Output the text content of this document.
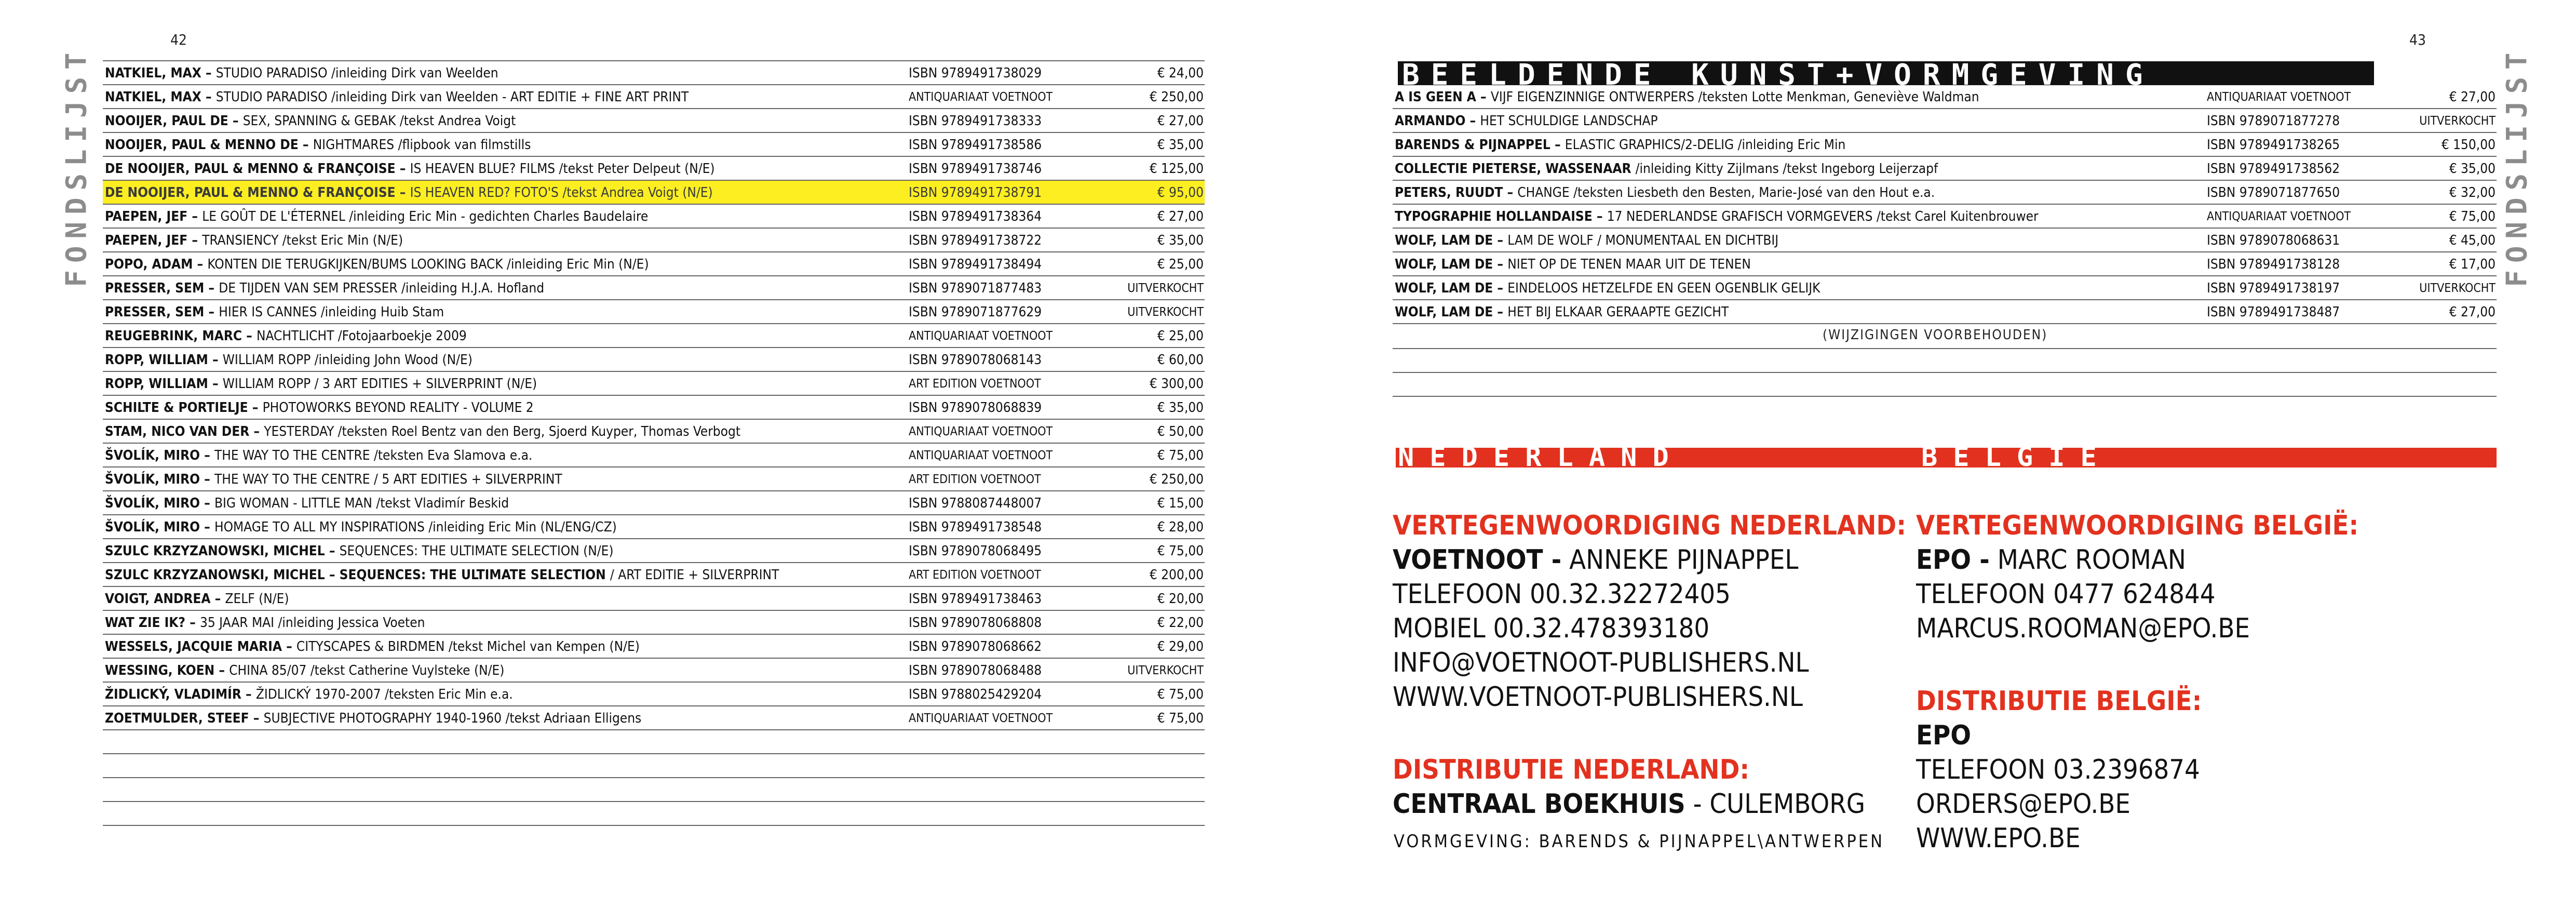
42
FONDSLIJST NATKIEL, MAX – STUDIO PARADISO /inleiding Dirk van Weelden	ISBN 9789491738029	€ 24,00
NATKIEL, MAX – STUDIO PARADISO /inleiding Dirk van Weelden - ART EDITIE + FINE ART PRINT	ANTIQUARIAAT VOETNOOT	€ 250,00
NOOIJER, PAUL DE – SEX, SPANNING & GEBAK /tekst Andrea Voigt	ISBN 9789491738333	€ 27,00
NOOIJER, PAUL & MENNO DE – NIGHTMARES /flipbook van filmstills	ISBN 9789491738586	€ 35,00
DE NOOIJER, PAUL & MENNO & FRANÇOISE – IS HEAVEN BLUE? FILMS /tekst Peter Delpeut (N/E)	ISBN 9789491738746	€ 125,00
DE NOOIJER, PAUL & MENNO & FRANÇOISE – IS HEAVEN RED? FOTO'S /tekst Andrea Voigt (N/E)	ISBN 9789491738791	€ 95,00
PAEPEN, JEF – LE GOÛT DE L'ÉTERNEL /inleiding Eric Min - gedichten Charles Baudelaire	ISBN 9789491738364	€ 27,00
PAEPEN, JEF – TRANSIENCY /tekst Eric Min (N/E)	ISBN 9789491738722	€ 35,00
POPO, ADAM – KONTEN DIE TERUGKIJKEN/BUMS LOOKING BACK /inleiding Eric Min (N/E)	ISBN 9789491738494	€ 25,00
PRESSER, SEM – DE TIJDEN VAN SEM PRESSER /inleiding H.J.A. Hofland	ISBN 9789071877483	UITVERKOCHT
PRESSER, SEM – HIER IS CANNES /inleiding Huib Stam	ISBN 9789071877629	UITVERKOCHT
REUGEBRINK, MARC – NACHTLICHT /Fotojaarboekje 2009	ANTIQUARIAAT VOETNOOT	€ 25,00
ROPP, WILLIAM – WILLIAM ROPP /inleiding John Wood (N/E)	ISBN 9789078068143	€ 60,00
ROPP, WILLIAM – WILLIAM ROPP / 3 ART EDITIES + SILVERPRINT (N/E)	ART EDITION VOETNOOT	€ 300,00
SCHILTE & PORTIELJE – PHOTOWORKS BEYOND REALITY - VOLUME 2	ISBN 9789078068839	€ 35,00
STAM, NICO VAN DER – YESTERDAY /teksten Roel Bentz van den Berg, Sjoerd Kuyper, Thomas Verbogt	ANTIQUARIAAT VOETNOOT	€ 50,00
ŠVOLÍK, MIRO – THE WAY TO THE CENTRE /teksten Eva Slamova e.a.	ANTIQUARIAAT VOETNOOT	€ 75,00
ŠVOLÍK, MIRO – THE WAY TO THE CENTRE / 5 ART EDITIES + SILVERPRINT	ART EDITION VOETNOOT	€ 250,00
ŠVOLÍK, MIRO – BIG WOMAN - LITTLE MAN /tekst Vladimír Beskid	ISBN 9788087448007	€ 15,00
ŠVOLÍK, MIRO – HOMAGE TO ALL MY INSPIRATIONS /inleiding Eric Min (NL/ENG/CZ)	ISBN 9789491738548	€ 28,00
SZULC KRZYZANOWSKI, MICHEL – SEQUENCES: THE ULTIMATE SELECTION (N/E)	ISBN 9789078068495	€ 75,00
SZULC KRZYZANOWSKI, MICHEL – SEQUENCES: THE ULTIMATE SELECTION / ART EDITIE + SILVERPRINT	ART EDITION VOETNOOT	€ 200,00
VOIGT, ANDREA – ZELF (N/E)	ISBN 9789491738463	€ 20,00
WAT ZIE IK? – 35 JAAR MAI /inleiding Jessica Voeten	ISBN 9789078068808	€ 22,00
WESSELS, JACQUIE MARIA – CITYSCAPES & BIRDMEN /tekst Michel van Kempen (N/E)	ISBN 9789078068662	€ 29,00
WESSING, KOEN – CHINA 85/07 /tekst Catherine Vuylsteke (N/E)	ISBN 9789078068488	UITVERKOCHT
ŽIDLICKÝ, VLADIMÍR – ŽIDLICKÝ 1970-2007 /teksten Eric Min e.a.	ISBN 9788025429204	€ 75,00
ZOETMULDER, STEEF – SUBJECTIVE PHOTOGRAPHY 1940-1960 /tekst Adriaan Elligens	ANTIQUARIAAT VOETNOOT	€ 75,00
43
FONDSLIJST
BEELDENDE KUNST+VORMGEVING
A IS GEEN A – VIJF EIGENZINNIGE ONTWERPERS /teksten Lotte Menkman, Geneviève Waldman	ANTIQUARIAAT VOETNOOT	€ 27,00
ARMANDO – HET SCHULDIGE LANDSCHAP	ISBN 9789071877278	UITVERKOCHT
BARENDS & PIJNAPPEL – ELASTIC GRAPHICS/2-DELIG /inleiding Eric Min	ISBN 9789491738265	€ 150,00
COLLECTIE PIETERSE, WASSENAAR /inleiding Kitty Zijlmans /tekst Ingeborg Leijerzapf	ISBN 9789491738562	€ 35,00
PETERS, RUUDT – CHANGE /teksten Liesbeth den Besten, Marie-José van den Hout e.a.	ISBN 9789071877650	€ 32,00
TYPOGRAPHIE HOLLANDAISE – 17 NEDERLANDSE GRAFISCH VORMGEVERS /tekst Carel Kuitenbrouwer	ANTIQUARIAAT VOETNOOT	€ 75,00
WOLF, LAM DE – LAM DE WOLF / MONUMENTAAL EN DICHTBIJ	ISBN 9789078068631	€ 45,00
WOLF, LAM DE – NIET OP DE TENEN MAAR UIT DE TENEN	ISBN 9789491738128	€ 17,00
WOLF, LAM DE – EINDELOOS HETZELFDE EN GEEN OGENBLIK GELIJK	ISBN 9789491738197	UITVERKOCHT
WOLF, LAM DE – HET BIJ ELKAAR GERAAPTE GEZICHT	ISBN 9789491738487	€ 27,00
(WIJZIGINGEN VOORBEHOUDEN)
NEDERLAND	BELGIE
VERTEGENWOORDIGING NEDERLAND:
VOETNOOT - ANNEKE PIJNAPPEL
TELEFOON 00.32.32272405
MOBIEL 00.32.478393180
INFO@VOETNOOT-PUBLISHERS.NL
WWW.VOETNOOT-PUBLISHERS.NL
DISTRIBUTIE NEDERLAND:
CENTRAAL BOEKHUIS - CULEMBORG
VORMGEVING: BARENDS & PIJNAPPEL\ANTWERPEN
VERTEGENWOORDIGING BELGIË:
EPO - MARC ROOMAN
TELEFOON 0477 624844
MARCUS.ROOMAN@EPO.BE
DISTRIBUTIE BELGIË:
EPO
TELEFOON 03.2396874
ORDERS@EPO.BE
WWW.EPO.BE
